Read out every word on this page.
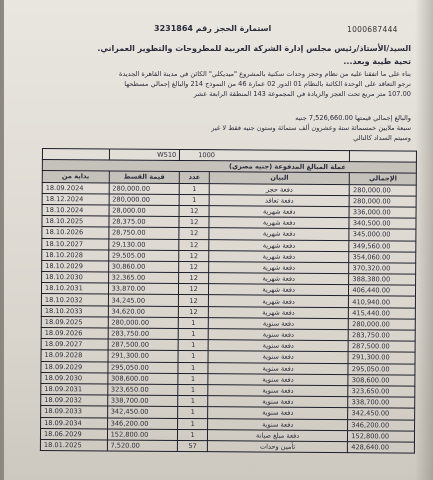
1000687444
استمارة الحجز رقم 3231864
السيد/الأستاذ/رئيس مجلس إدارة الشركة العربية للمطروحات والتطوير العمراني.
تحية طيبة وبعد...
بناء على ما اتفقنا عليه من نظام وحجز وحدات سكنية بالمشروع "ميديكلي" الكائن في مدينة القاهرة الجديدة
نرجو التعاقد على الوحدة الكائنة بالنظام 01 الدور 02 عمارة 46 من النموذج 214 والبالغ إجمالي مسطحها
107.00 متر مربع تحت العجز والزيادة في المجموعة 143 المنطقة الرابعة عشر
والبالغ إجمالي قيمتها 7,526,660.00 جنيه
سبعة ملايين خمسمائة ستة وعشرون ألف ستمائة وستون جنيه فقط لا غير
وسيتم السداد كالتالي
	W510	1000		
عملة المبالغ المدفوعة (جنيه مصري)				
بداية من	قيمة القسط	عدد	البيان	الإجمالي
18.09.2024	280,000.00	1	دفعة حجز	280,000.00
18.12.2024	280,000.00	1	دفعة تعاقد	280,000.00
18.10.2024	28,000.00	12	دفعة شهرية	336,000.00
18.10.2025	28,375.00	12	دفعة شهرية	340,500.00
18.10.2026	28,750.00	12	دفعة شهرية	345,000.00
18.10.2027	29,130.00	12	دفعة شهرية	349,560.00
18.10.2028	29,505.00	12	دفعة شهرية	354,060.00
18.10.2029	30,860.00	12	دفعة شهرية	370,320.00
18.10.2030	32,365.00	12	دفعة شهرية	388,380.00
18.10.2031	33,870.00	12	دفعة شهرية	406,440.00
18.10.2032	34,245.00	12	دفعة شهرية	410,940.00
18.10.2033	34,620.00	12	دفعة شهرية	415,440.00
18.09.2025	280,000.00	1	دفعة سنوية	280,000.00
18.09.2026	283,750.00	1	دفعة سنوية	283,750.00
18.09.2027	287,500.00	1	دفعة سنوية	287,500.00
18.09.2028	291,300.00	1	دفعة سنوية	291,300.00
18.09.2029	295,050.00	1	دفعة سنوية	295,050.00
18.09.2030	308,600.00	1	دفعة سنوية	308,600.00
18.09.2031	323,650.00	1	دفعة سنوية	323,650.00
18.09.2032	338,700.00	1	دفعة سنوية	338,700.00
18.09.2033	342,450.00	1	دفعة سنوية	342,450.00
18.09.2034	346,200.00	1	دفعة سنوية	346,200.00
18.06.2029	152,800.00	1	دفعة مبلغ صيانة	152,800.00
18.01.2025	7,520.00	57	تأمين وحدات	428,640.00
